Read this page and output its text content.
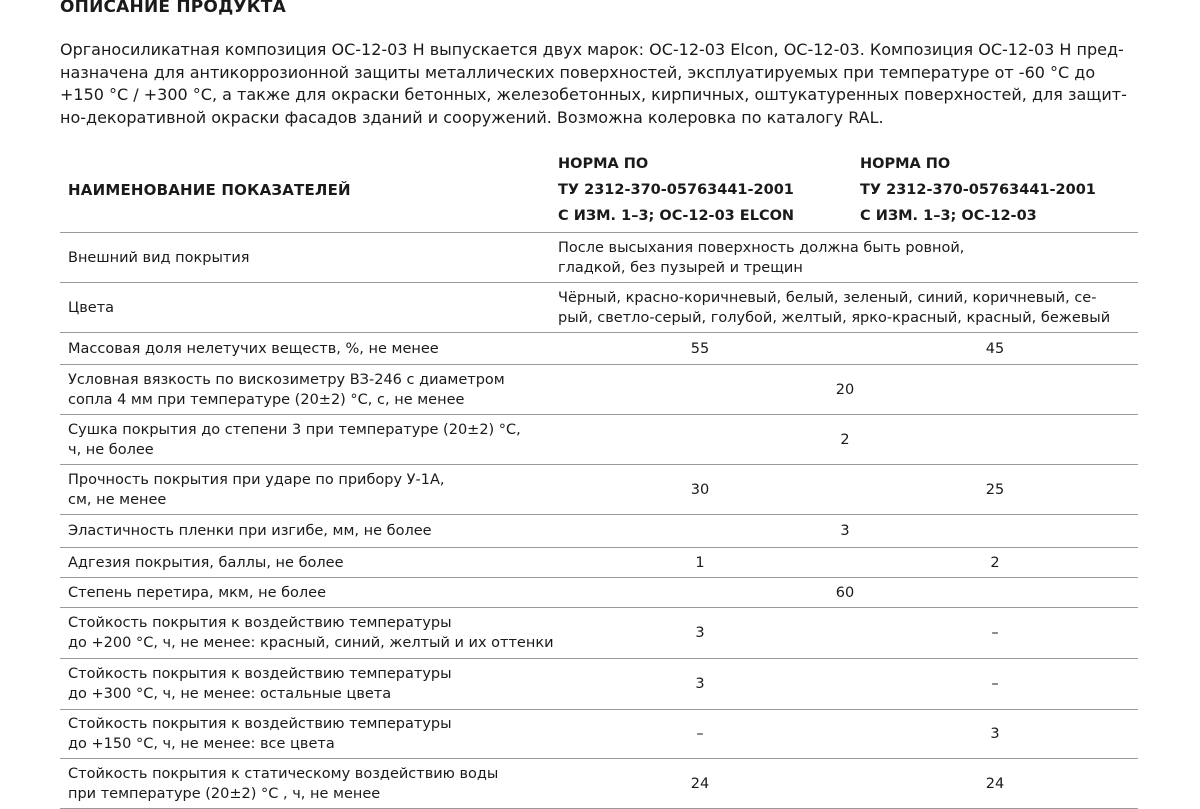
ОПИСАНИЕ ПРОДУКТА

Органосиликатная композиция ОС-12-03 Н выпускается двух марок: ОС-12-03 Elcon, ОС-12-03. Композиция ОС-12-03 Н пред-
назначена для антикоррозионной защиты металлических поверхностей, эксплуатируемых при температуре от -60 °С до
+150 °С / +300 °С, а также для окраски бетонных, железобетонных, кирпичных, оштукатуренных поверхностей, для защит-
но-декоративной окраски фасадов зданий и сооружений. Возможна колеровка по каталогу RAL.

НАИМЕНОВАНИЕ ПОКАЗАТЕЛЕЙ
НОРМА ПО
ТУ 2312-370-05763441-2001
С ИЗМ. 1–3; ОС-12-03 ELCON
НОРМА ПО
ТУ 2312-370-05763441-2001
С ИЗМ. 1–3; ОС-12-03
Внешний вид покрытия
После высыхания поверхность должна быть ровной,
гладкой, без пузырей и трещин
Цвета
Чёрный, красно-коричневый, белый, зеленый, синий, коричневый, се-
рый, светло-серый, голубой, желтый, ярко-красный, красный, бежевый
Массовая доля нелетучих веществ, %, не менее	55	45
Условная вязкость по вискозиметру ВЗ-246 с диаметром
сопла 4 мм при температуре (20±2) °С, с, не менее
20
Сушка покрытия до степени 3 при температуре (20±2) °С,
ч, не более
2
Прочность покрытия при ударе по прибору У-1А,
см, не менее
30	25
Эластичность пленки при изгибе, мм, не более	3
Адгезия покрытия, баллы, не более	1	2
Степень перетира, мкм, не более	60
Стойкость покрытия к воздействию температуры
до +200 °С, ч, не менее: красный, синий, желтый и их оттенки
3	–
Стойкость покрытия к воздействию температуры
до +300 °С, ч, не менее: остальные цвета
3	–
Стойкость покрытия к воздействию температуры
до +150 °С, ч, не менее: все цвета
–	3
Стойкость покрытия к статическому воздействию воды
при температуре (20±2) °С , ч, не менее
24	24
